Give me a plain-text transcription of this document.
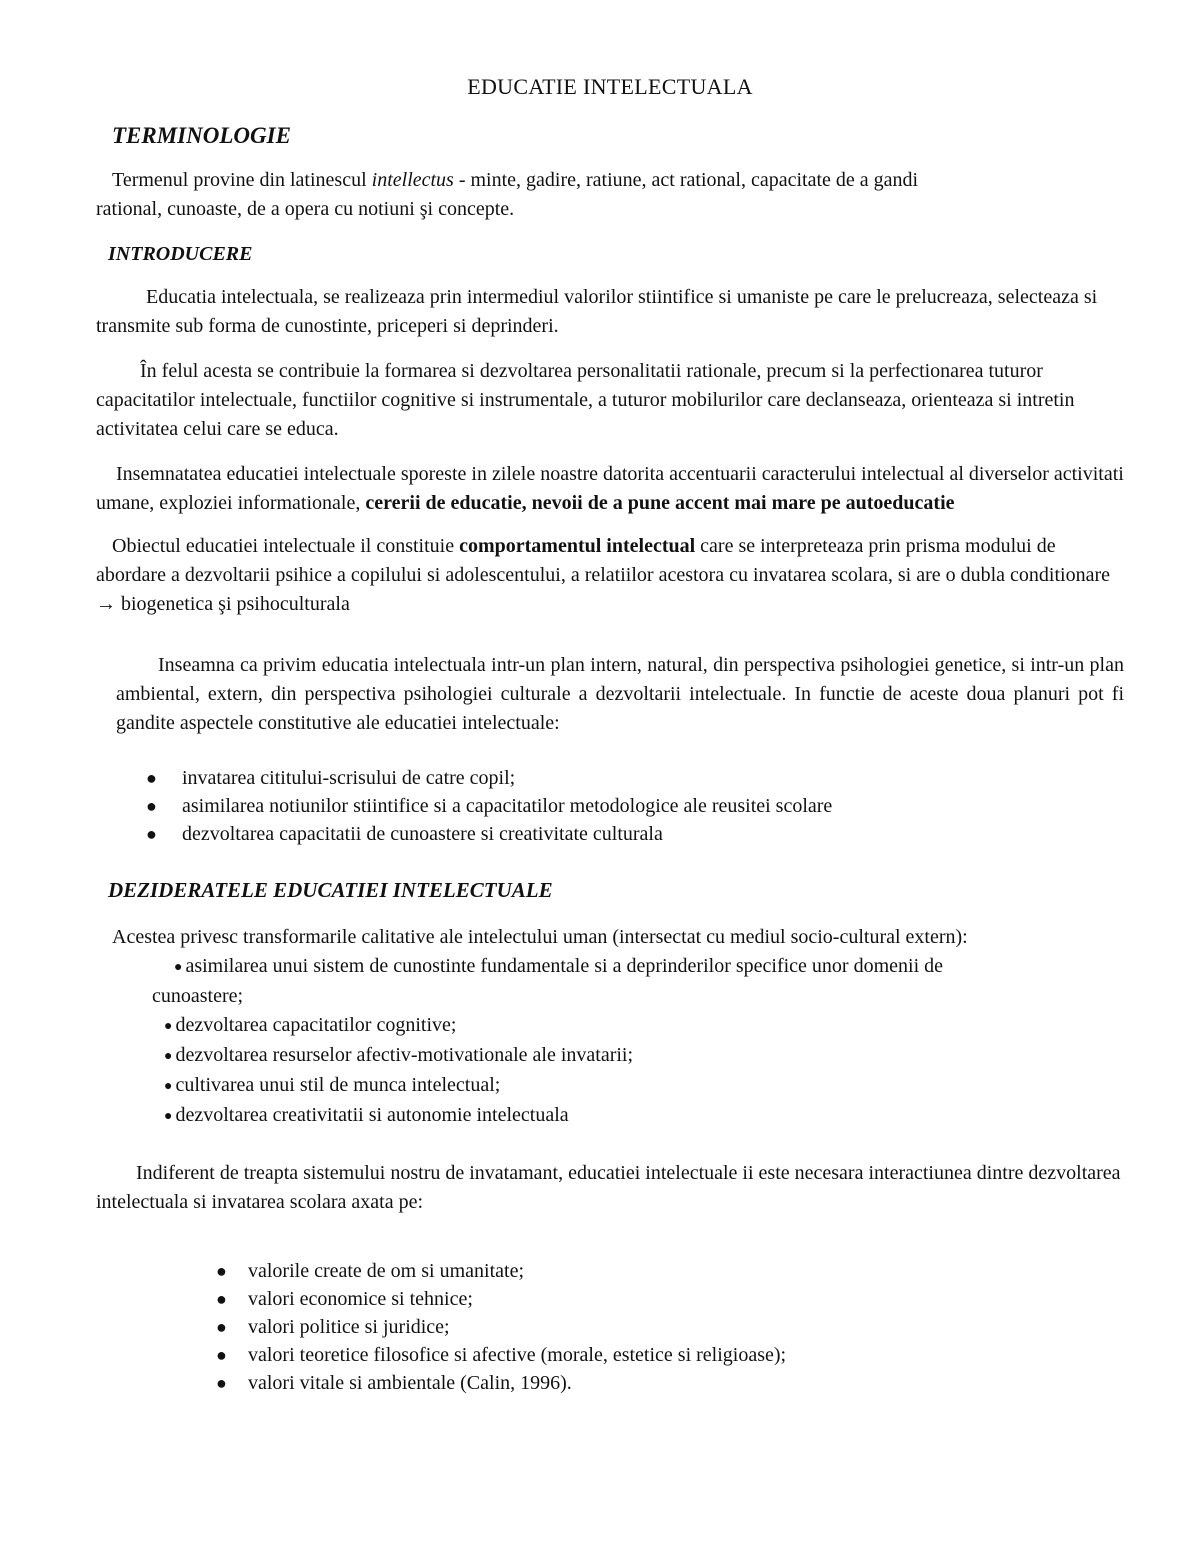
EDUCATIE INTELECTUALA
TERMINOLOGIE

Termenul provine din latinescul intellectus - minte, gadire, ratiune, act rational, capacitate de a gandi
rational, cunoaste, de a opera cu notiuni şi concepte.

INTRODUCERE

Educatia intelectuala, se realizeaza prin intermediul valorilor stiintifice si umaniste pe care le prelucreaza, selecteaza si transmite sub forma de cunostinte, priceperi si deprinderi.

În felul acesta se contribuie la formarea si dezvoltarea personalitatii rationale, precum si la perfectionarea tuturor capacitatilor intelectuale, functiilor cognitive si instrumentale, a tuturor mobilurilor care declanseaza, orienteaza si intretin activitatea celui care se educa.

Insemnatatea educatiei intelectuale sporeste in zilele noastre datorita accentuarii caracterului intelectual al diverselor activitati umane, exploziei informationale, cererii de educatie, nevoii de a pune accent mai mare pe autoeducatie

Obiectul educatiei intelectuale il constituie comportamentul intelectual care se interpreteaza prin prisma modului de abordare a dezvoltarii psihice a copilului si adolescentului, a relatiilor acestora cu invatarea scolara, si are o dubla conditionare → biogenetica şi psihoculturala

Inseamna ca privim educatia intelectuala intr-un plan intern, natural, din perspectiva psihologiei genetice, si intr-un plan ambiental, extern, din perspectiva psihologiei culturale a dezvoltarii intelectuale. In functie de aceste doua planuri pot fi gandite aspectele constitutive ale educatiei intelectuale:

● invatarea cititului-scrisului de catre copil;
● asimilarea notiunilor stiintifice si a capacitatilor metodologice ale reusitei scolare
● dezvoltarea capacitatii de cunoastere si creativitate culturala
DEZIDERATELE EDUCATIEI INTELECTUALE

Acestea privesc transformarile calitative ale intelectului uman (intersectat cu mediul socio-cultural extern):

● asimilarea unui sistem de cunostinte fundamentale si a deprinderilor specifice unor domenii de
cunoastere;
● dezvoltarea capacitatilor cognitive;
● dezvoltarea resurselor afectiv-motivationale ale invatarii;
● cultivarea unui stil de munca intelectual;
● dezvoltarea creativitatii si autonomie intelectuala

Indiferent de treapta sistemului nostru de invatamant, educatiei intelectuale ii este necesara interactiunea dintre dezvoltarea intelectuala si invatarea scolara axata pe:

● valorile create de om si umanitate;
● valori economice si tehnice;
● valori politice si juridice;
● valori teoretice filosofice si afective (morale, estetice si religioase);
● valori vitale si ambientale (Calin, 1996).
